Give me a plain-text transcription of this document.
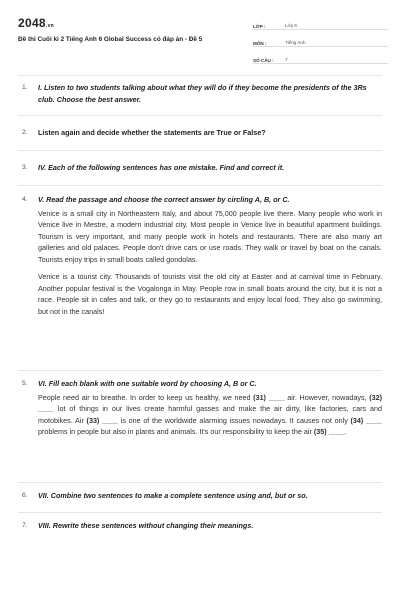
2048.vn
Đề thi Cuối kì 2 Tiếng Anh 6 Global Success có đáp án - Đề 5
LỚP :	Lớp 6
MÔN :	Tiếng Anh
SỐ CÂU :	7
1.	I. Listen to two students talking about what they will do if they become the presidents of the 3Rs club. Choose the best answer.
2.	Listen again and decide whether the statements are True or False?
3.	IV. Each of the following sentences has one mistake. Find and correct it.
4.	V. Read the passage and choose the correct answer by circling A, B, or C.

Venice is a small city in Northeastern Italy, and about 75,000 people live there. Many people who work in Venice live in Mestre, a modern industrial city. Most people in Venice live in beautiful apartment buildings. Tourism is very important, and many people work in hotels and restaurants. There are also many art galleries and old palaces. People don't drive cars or use roads. They walk or travel by boat on the canals. Tourists enjoy trips in small boats called gondolas.

Venice is a tourist city. Thousands of tourists visit the old city at Easter and at carnival time in February. Another popular festival is the Vogalonga in May. People row in small boats around the city, but it is not a race. People sit in cafes and talk, or they go to restaurants and enjoy local food. They also go swimming, but not in the canals!

5.	VI. Fill each blank with one suitable word by choosing A, B or C.

People need air to breathe. In order to keep us healthy, we need (31) ____ air. However, nowadays, (32) ____ lot of things in our lives create harmful gasses and make the air dirty, like factories, cars and motobikes. Air (33) ____ is one of the worldwide alarming issues nowadays. It causes not only (34) ____ problems in people but also in plants and animals. It's our responsibility to keep the air (35) ____.

6.	VII. Combine two sentences to make a complete sentence using and, but or so.
7.	VIII. Rewrite these sentences without changing their meanings.
